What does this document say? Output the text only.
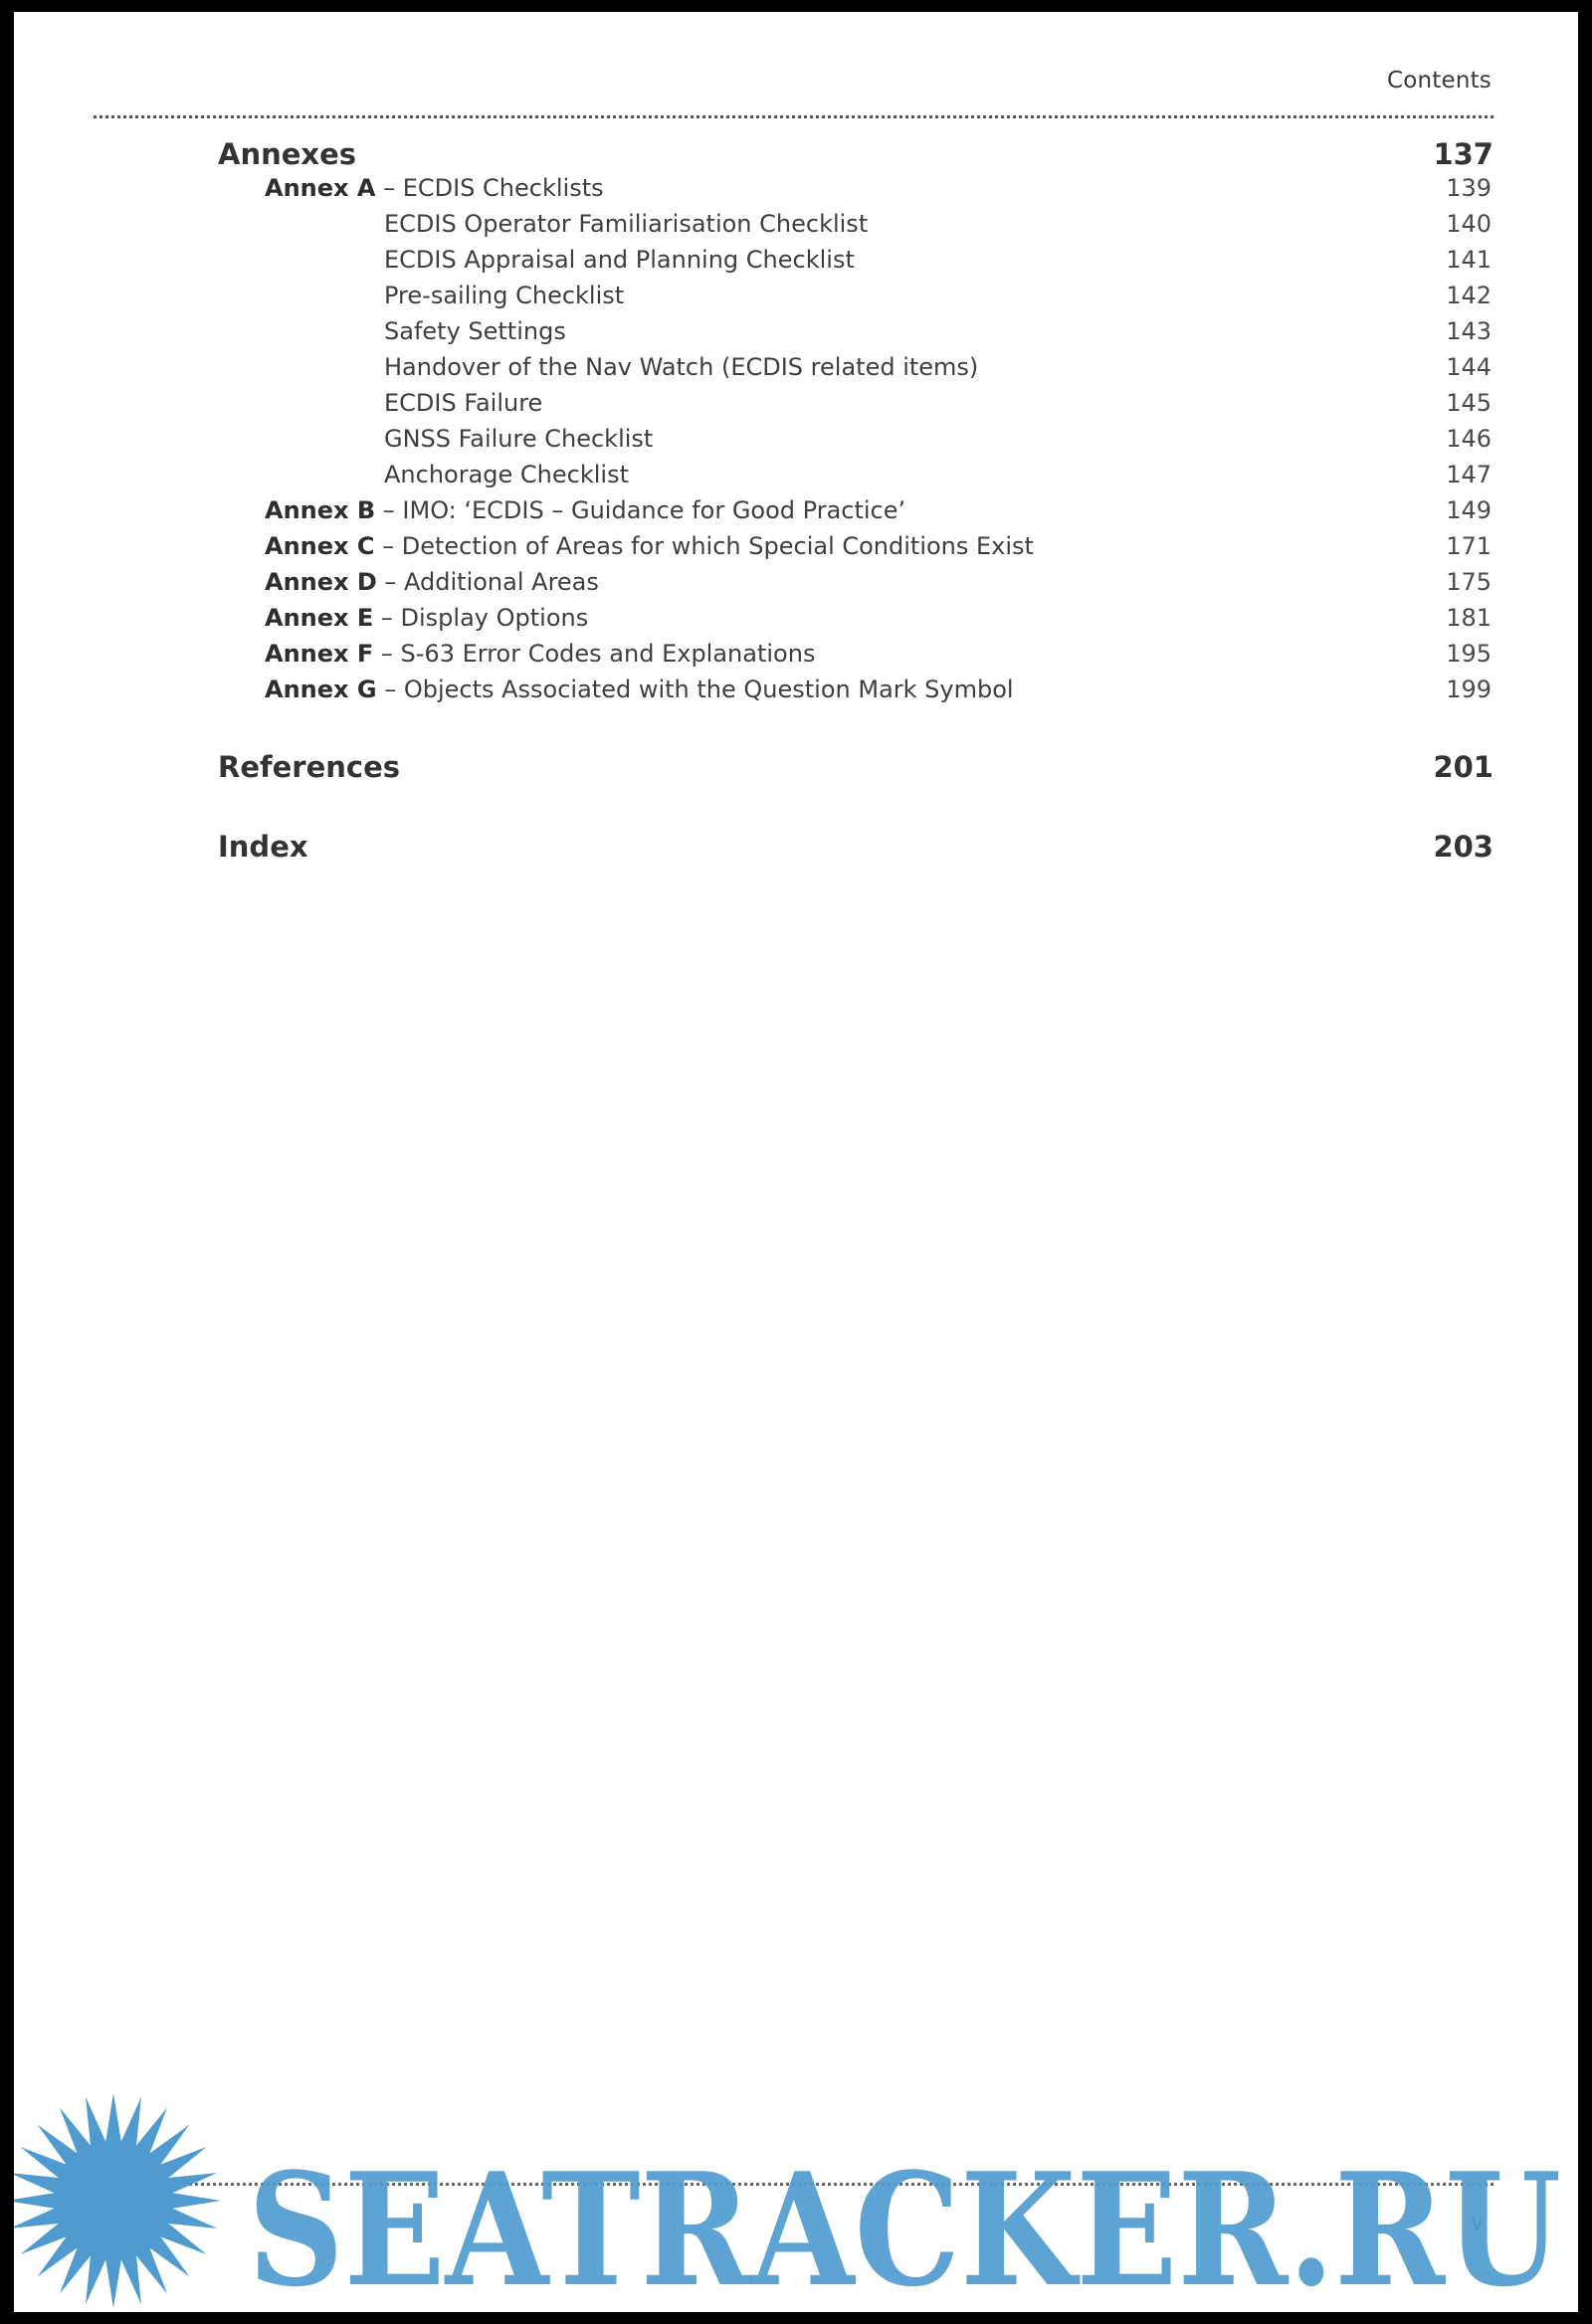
Contents
Annexes	137
Annex A – ECDIS Checklists	139
ECDIS Operator Familiarisation Checklist	140
ECDIS Appraisal and Planning Checklist	141
Pre-sailing Checklist	142
Safety Settings	143
Handover of the Nav Watch (ECDIS related items)	144
ECDIS Failure	145
GNSS Failure Checklist	146
Anchorage Checklist	147
Annex B – IMO: ‘ECDIS – Guidance for Good Practice’	149
Annex C – Detection of Areas for which Special Conditions Exist	171
Annex D – Additional Areas	175
Annex E – Display Options	181
Annex F – S-63 Error Codes and Explanations	195
Annex G – Objects Associated with the Question Mark Symbol	199
References	201
Index	203
v
SEATRACKER.RU
